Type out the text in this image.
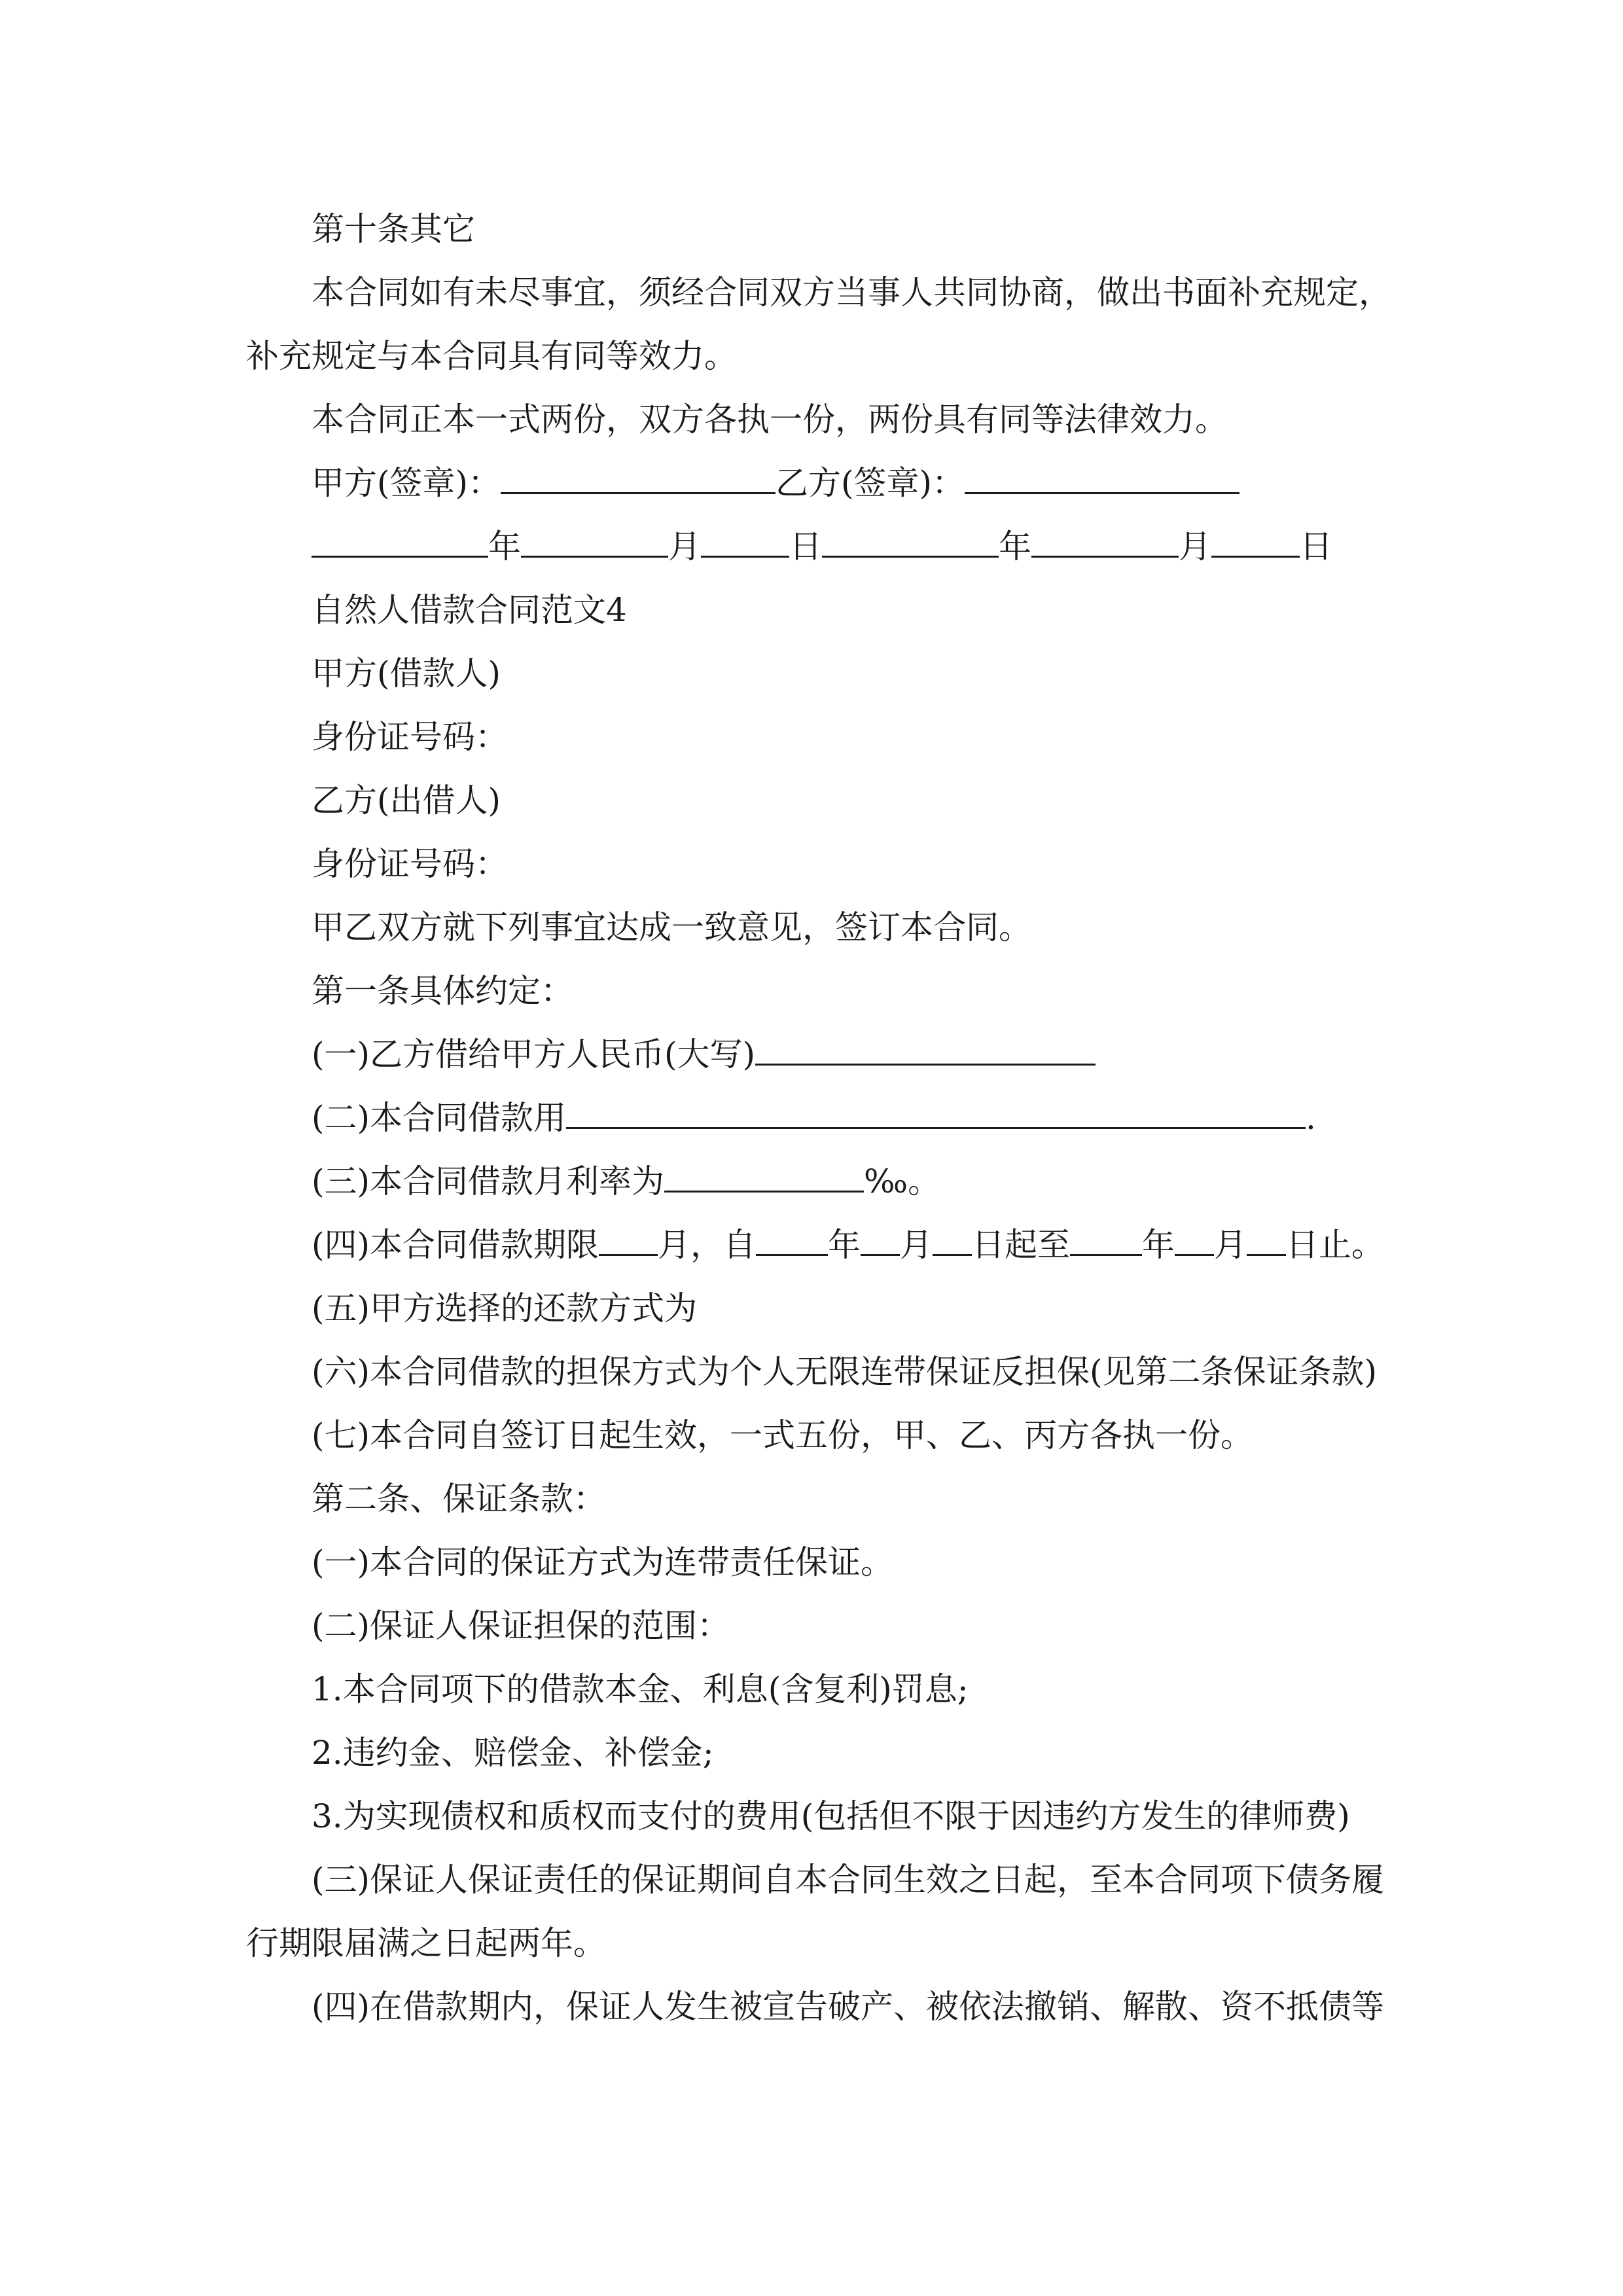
第十条其它
本合同如有未尽事宜，须经合同双方当事人共同协商，做出书面补充规定，
补充规定与本合同具有同等效力。
本合同正本一式两份，双方各执一份，两份具有同等法律效力。
甲方(签章)：	乙方(签章)：
年	月	日	年	月	日
自然人借款合同范文4
甲方(借款人)
身份证号码：
乙方(出借人)
身份证号码：
甲乙双方就下列事宜达成一致意见，签订本合同。
第一条具体约定：
(一)乙方借给甲方人民币(大写)
(二)本合同借款用	.
(三)本合同借款月利率为	‰。
(四)本合同借款期限 月，自 年 月 日起至 年 月 日止。
(五)甲方选择的还款方式为
(六)本合同借款的担保方式为个人无限连带保证反担保(见第二条保证条款)
(七)本合同自签订日起生效，一式五份，甲、乙、丙方各执一份。
第二条、保证条款：
(一)本合同的保证方式为连带责任保证。
(二)保证人保证担保的范围：
1.本合同项下的借款本金、利息(含复利)罚息;
2.违约金、赔偿金、补偿金;
3.为实现债权和质权而支付的费用(包括但不限于因违约方发生的律师费)
(三)保证人保证责任的保证期间自本合同生效之日起，至本合同项下债务履
行期限届满之日起两年。
(四)在借款期内，保证人发生被宣告破产、被依法撤销、解散、资不抵债等
